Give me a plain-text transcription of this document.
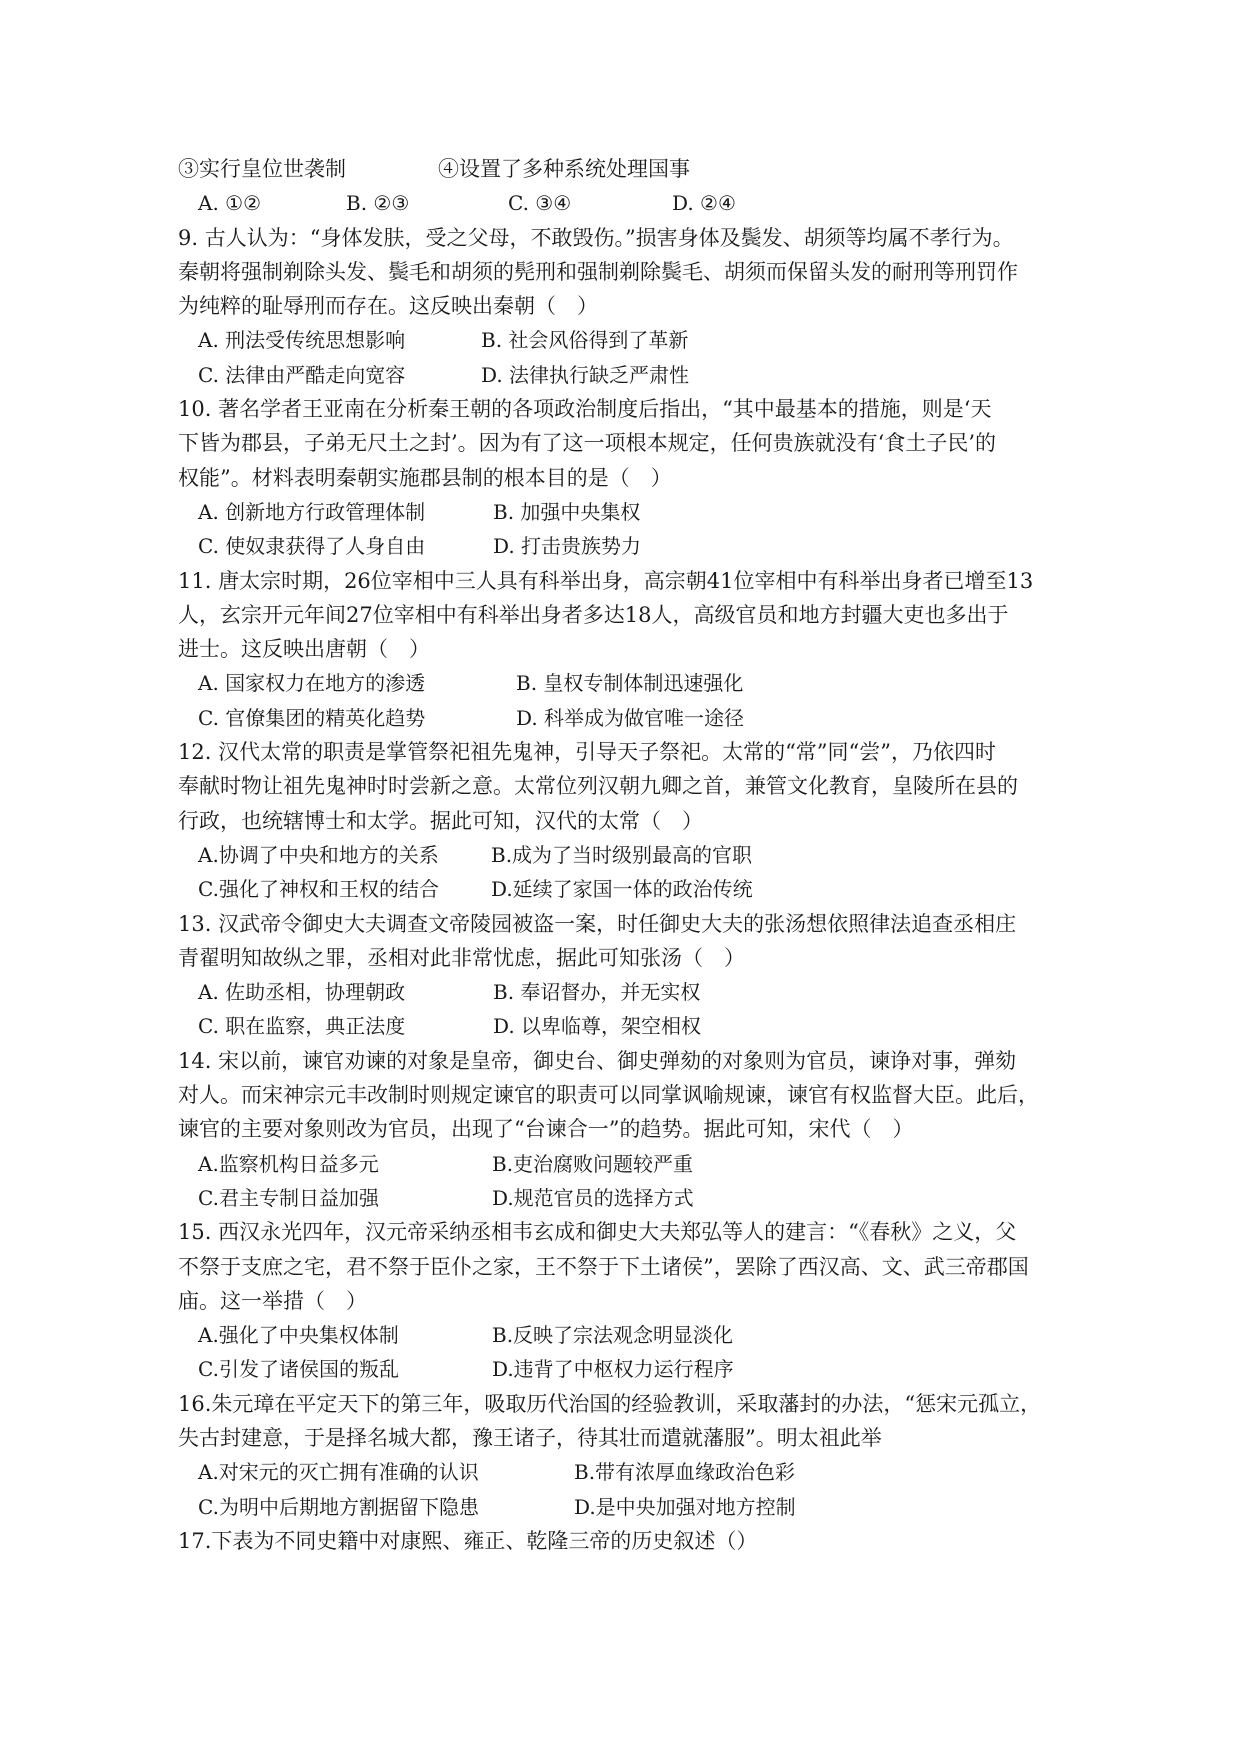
③实行皇位世袭制	④设置了多种系统处理国事
A. ①②	B. ②③	C. ③④	D. ②④
9. 古人认为：“身体发肤，受之父母，不敢毁伤。”损害身体及鬓发、胡须等均属不孝行为。
秦朝将强制剃除头发、鬓毛和胡须的髡刑和强制剃除鬓毛、胡须而保留头发的耐刑等刑罚作
为纯粹的耻辱刑而存在。这反映出秦朝（　）
A. 刑法受传统思想影响	B. 社会风俗得到了革新
C. 法律由严酷走向宽容	D. 法律执行缺乏严肃性
10. 著名学者王亚南在分析秦王朝的各项政治制度后指出，“其中最基本的措施，则是‘天
下皆为郡县，子弟无尺土之封’。因为有了这一项根本规定，任何贵族就没有‘食土子民’的
权能”。材料表明秦朝实施郡县制的根本目的是（　）
A. 创新地方行政管理体制	B. 加强中央集权
C. 使奴隶获得了人身自由	D. 打击贵族势力
11. 唐太宗时期，26位宰相中三人具有科举出身，高宗朝41位宰相中有科举出身者已增至13
人，玄宗开元年间27位宰相中有科举出身者多达18人，高级官员和地方封疆大吏也多出于
进士。这反映出唐朝（　）
A. 国家权力在地方的渗透	B. 皇权专制体制迅速强化
C. 官僚集团的精英化趋势	D. 科举成为做官唯一途径
12. 汉代太常的职责是掌管祭祀祖先鬼神，引导天子祭祀。太常的“常”同“尝”，乃依四时
奉献时物让祖先鬼神时时尝新之意。太常位列汉朝九卿之首，兼管文化教育，皇陵所在县的
行政，也统辖博士和太学。据此可知，汉代的太常（　）
A.协调了中央和地方的关系	B.成为了当时级别最高的官职
C.强化了神权和王权的结合	D.延续了家国一体的政治传统
13. 汉武帝令御史大夫调查文帝陵园被盗一案，时任御史大夫的张汤想依照律法追查丞相庄
青翟明知故纵之罪，丞相对此非常忧虑，据此可知张汤（　）
A. 佐助丞相，协理朝政	B. 奉诏督办，并无实权
C. 职在监察，典正法度	D. 以卑临尊，架空相权
14. 宋以前，谏官劝谏的对象是皇帝，御史台、御史弹劾的对象则为官员，谏诤对事，弹劾
对人。而宋神宗元丰改制时则规定谏官的职责可以同掌讽喻规谏，谏官有权监督大臣。此后，
谏官的主要对象则改为官员，出现了“台谏合一”的趋势。据此可知，宋代（　）
A.监察机构日益多元	B.吏治腐败问题较严重
C.君主专制日益加强	D.规范官员的选择方式
15. 西汉永光四年，汉元帝采纳丞相韦玄成和御史大夫郑弘等人的建言：“《春秋》之义，父
不祭于支庶之宅，君不祭于臣仆之家，王不祭于下土诸侯”，罢除了西汉高、文、武三帝郡国
庙。这一举措（　）
A.强化了中央集权体制	B.反映了宗法观念明显淡化
C.引发了诸侯国的叛乱	D.违背了中枢权力运行程序
16.朱元璋在平定天下的第三年，吸取历代治国的经验教训，采取藩封的办法，“惩宋元孤立，
失古封建意，于是择名城大都，豫王诸子，待其壮而遣就藩服”。明太祖此举
A.对宋元的灭亡拥有准确的认识	B.带有浓厚血缘政治色彩
C.为明中后期地方割据留下隐患	D.是中央加强对地方控制
17.下表为不同史籍中对康熙、雍正、乾隆三帝的历史叙述（）
